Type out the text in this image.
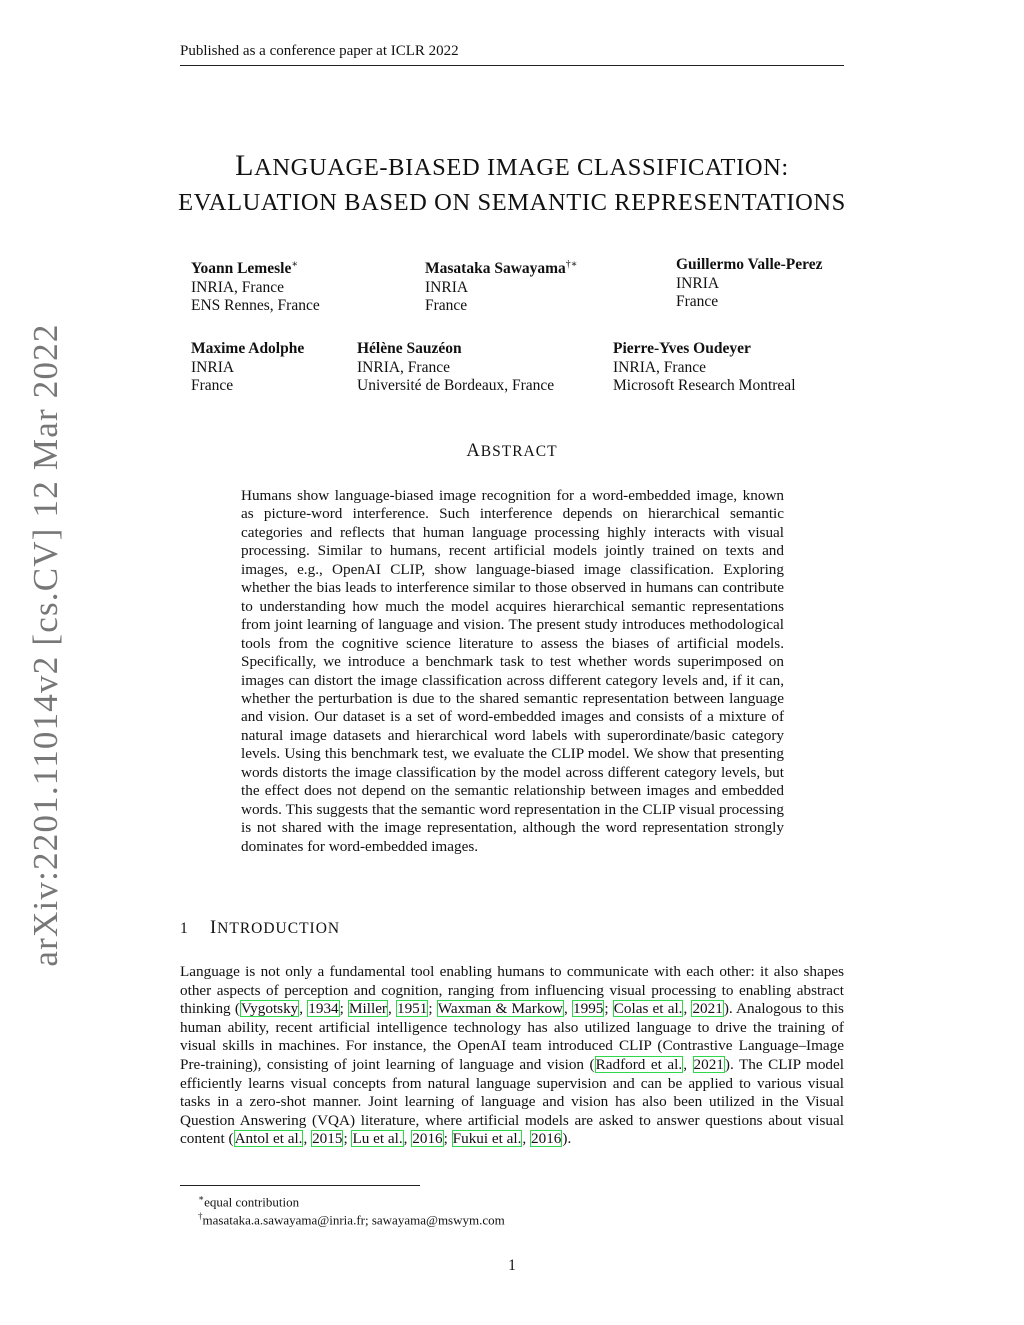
Published as a conference paper at ICLR 2022
arXiv:2201.11014v2 [cs.CV] 12 Mar 2022
LANGUAGE-BIASED IMAGE CLASSIFICATION:
EVALUATION BASED ON SEMANTIC REPRESENTATIONS
Yoann Lemesle∗
INRIA, France
ENS Rennes, France
Masataka Sawayama†∗
INRIA
France
Guillermo Valle-Perez
INRIA
France
Maxime Adolphe
INRIA
France
Hélène Sauzéon
INRIA, France
Université de Bordeaux, France
Pierre-Yves Oudeyer
INRIA, France
Microsoft Research Montreal
ABSTRACT
Humans show language-biased image recognition for a word-embedded image, known as picture-word interference. Such interference depends on hierarchical semantic categories and reflects that human language processing highly interacts with visual processing. Similar to humans, recent artificial models jointly trained on texts and images, e.g., OpenAI CLIP, show language-biased image classification. Exploring whether the bias leads to interference similar to those observed in humans can contribute to understanding how much the model acquires hierarchical semantic representations from joint learning of language and vision. The present study introduces methodological tools from the cognitive science literature to assess the biases of artificial models. Specifically, we introduce a benchmark task to test whether words superimposed on images can distort the image classification across different category levels and, if it can, whether the perturbation is due to the shared semantic representation between language and vision. Our dataset is a set of word-embedded images and consists of a mixture of natural image datasets and hierarchical word labels with superordinate/basic category levels. Using this benchmark test, we evaluate the CLIP model. We show that presenting words distorts the image classification by the model across different category levels, but the effect does not depend on the semantic relationship between images and embedded words. This suggests that the semantic word representation in the CLIP visual processing is not shared with the image representation, although the word representation strongly dominates for word-embedded images.
1 INTRODUCTION
Language is not only a fundamental tool enabling humans to communicate with each other: it also shapes other aspects of perception and cognition, ranging from influencing visual processing to enabling abstract thinking (Vygotsky, 1934; Miller, 1951; Waxman & Markow, 1995; Colas et al., 2021). Analogous to this human ability, recent artificial intelligence technology has also utilized language to drive the training of visual skills in machines. For instance, the OpenAI team introduced CLIP (Contrastive Language–Image Pre-training), consisting of joint learning of language and vision (Radford et al., 2021). The CLIP model efficiently learns visual concepts from natural language supervision and can be applied to various visual tasks in a zero-shot manner. Joint learning of language and vision has also been utilized in the Visual Question Answering (VQA) literature, where artificial models are asked to answer questions about visual content (Antol et al., 2015; Lu et al., 2016; Fukui et al., 2016).
∗equal contribution
†masataka.a.sawayama@inria.fr; sawayama@mswym.com
1
